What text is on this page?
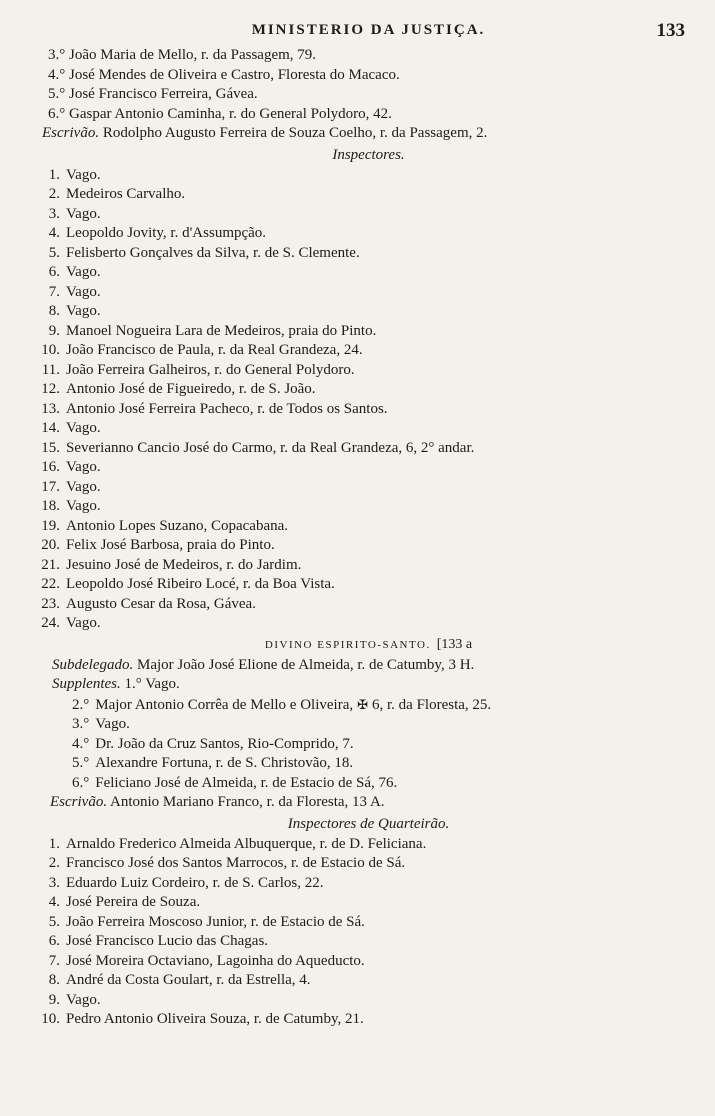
MINISTERIO DA JUSTIÇA.	133
3.° João Maria de Mello, r. da Passagem, 79.
4.° José Mendes de Oliveira e Castro, Floresta do Macaco.
5.° José Francisco Ferreira, Gávea.
6.° Gaspar Antonio Caminha, r. do General Polydoro, 42.
Escrivão. Rodolpho Augusto Ferreira de Souza Coelho, r. da Passagem, 2.
Inspectores.
1. Vago.
2. Medeiros Carvalho.
3. Vago.
4. Leopoldo Jovity, r. d'Assumpção.
5. Felisberto Gonçalves da Silva, r. de S. Clemente.
6. Vago.
7. Vago.
8. Vago.
9. Manoel Nogueira Lara de Medeiros, praia do Pinto.
10. João Francisco de Paula, r. da Real Grandeza, 24.
11. João Ferreira Galheiros, r. do General Polydoro.
12. Antonio José de Figueiredo, r. de S. João.
13. Antonio José Ferreira Pacheco, r. de Todos os Santos.
14. Vago.
15. Severianno Cancio José do Carmo, r. da Real Grandeza, 6, 2° andar.
16. Vago.
17. Vago.
18. Vago.
19. Antonio Lopes Suzano, Copacabana.
20. Felix José Barbosa, praia do Pinto.
21. Jesuino José de Medeiros, r. do Jardim.
22. Leopoldo José Ribeiro Locé, r. da Boa Vista.
23. Augusto Cesar da Rosa, Gávea.
24. Vago.
DIVINO ESPIRITO-SANTO. [133 a
Subdelegado. Major João José Elione de Almeida, r. de Catumby, 3 H.
Supplentes. 1.° Vago.
2.° Major Antonio Corrêa de Mello e Oliveira, ✠ 6, r. da Floresta, 25.
3.° Vago.
4.° Dr. João da Cruz Santos, Rio-Comprido, 7.
5.° Alexandre Fortuna, r. de S. Christovão, 18.
6.° Feliciano José de Almeida, r. de Estacio de Sá, 76.
Escrivão. Antonio Mariano Franco, r. da Floresta, 13 A.
Inspectores de Quarteirão.
1. Arnaldo Frederico Almeida Albuquerque, r. de D. Feliciana.
2. Francisco José dos Santos Marrocos, r. de Estacio de Sá.
3. Eduardo Luiz Cordeiro, r. de S. Carlos, 22.
4. José Pereira de Souza.
5. João Ferreira Moscoso Junior, r. de Estacio de Sá.
6. José Francisco Lucio das Chagas.
7. José Moreira Octaviano, Lagoinha do Aqueducto.
8. André da Costa Goulart, r. da Estrella, 4.
9. Vago.
10. Pedro Antonio Oliveira Souza, r. de Catumby, 21.
